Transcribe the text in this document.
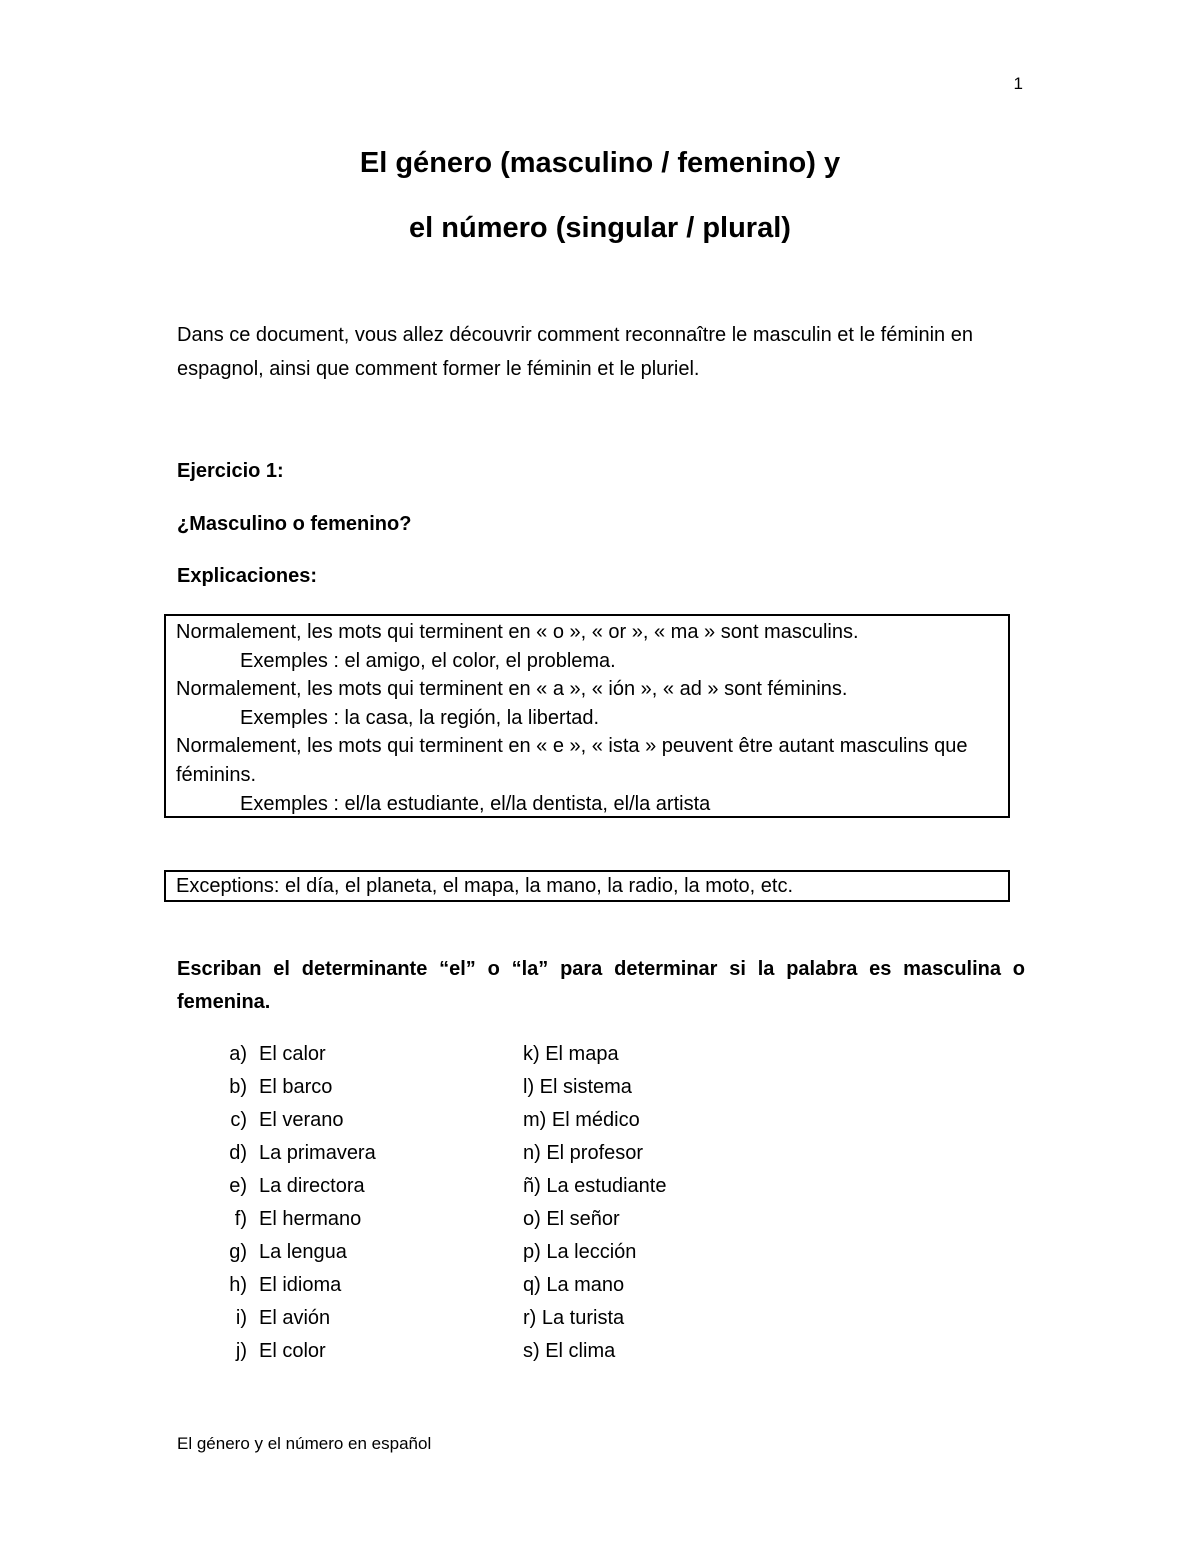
1
El género (masculino / femenino) y
el número (singular / plural)
Dans ce document, vous allez découvrir comment reconnaître le masculin et le féminin en espagnol, ainsi que comment former le féminin et le pluriel.
Ejercicio 1:
¿Masculino o femenino?
Explicaciones:
Normalement, les mots qui terminent en « o », « or », « ma » sont masculins.
Exemples : el amigo, el color, el problema.
Normalement, les mots qui terminent en « a », « ión », « ad » sont féminins.
Exemples : la casa, la región, la libertad.
Normalement, les mots qui terminent en « e », « ista » peuvent être autant masculins que féminins.
Exemples : el/la estudiante, el/la dentista, el/la artista
Exceptions: el día, el planeta, el mapa, la mano, la radio, la moto, etc.
Escriban el determinante “el” o “la” para determinar si la palabra es masculina o femenina.
a) El calor
b) El barco
c) El verano
d) La primavera
e) La directora
f) El hermano
g) La lengua
h) El idioma
i) El avión
j) El color
k) El mapa
l) El sistema
m) El médico
n) El profesor
ñ) La estudiante
o) El señor
p) La lección
q) La mano
r) La turista
s) El clima
El género y el número en español
